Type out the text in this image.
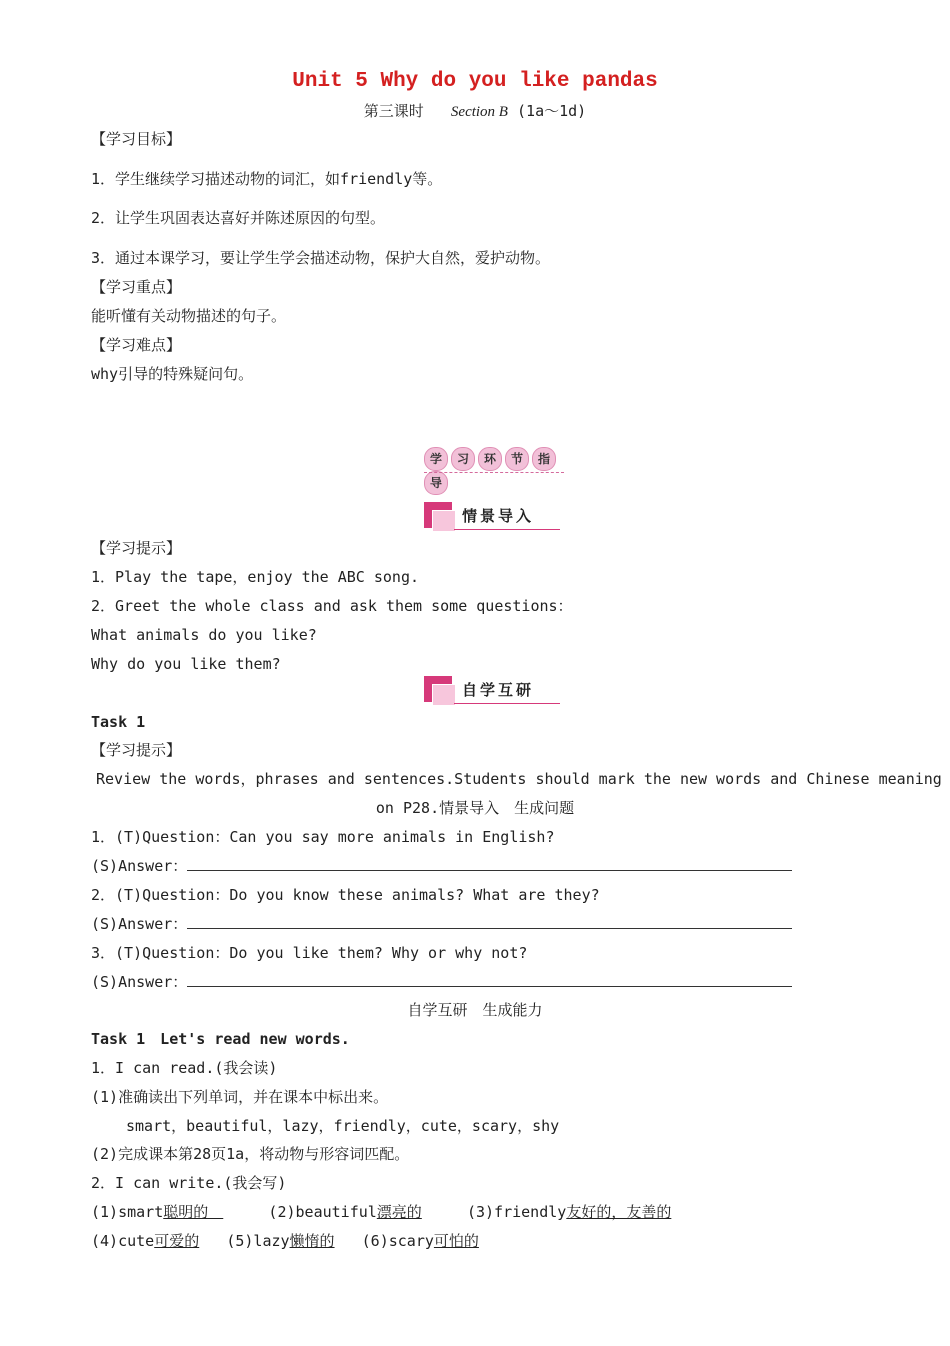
Unit 5 Why do you like pandas
第三课时 Section B (1a～1d)
【学习目标】
1．学生继续学习描述动物的词汇，如friendly等。
2．让学生巩固表达喜好并陈述原因的句型。
3．通过本课学习，要让学生学会描述动物，保护大自然，爱护动物。
【学习重点】
能听懂有关动物描述的句子。
【学习难点】
why引导的特殊疑问句。
学 习 环 节 指导
情景导入
【学习提示】
1．Play the tape，enjoy the ABC song.
2．Greet the whole class and ask them some questions：
What animals do you like?
Why do you like them?
自学互研
Task 1
【学习提示】
Review the words，phrases and sentences.Students should mark the new words and Chinese meaning
on P28.情景导入　生成问题
1．(T)Question：Can you say more animals in English?
(S)Answer：
2．(T)Question：Do you know these animals? What are they?
(S)Answer：
3．(T)Question：Do you like them? Why or why not?
(S)Answer：
自学互研　生成能力
Task 1　Let's read new words.
1．I can read.(我会读)
(1)准确读出下列单词，并在课本中标出来。
smart，beautiful，lazy，friendly，cute，scary，shy
(2)完成课本第28页1a，将动物与形容词匹配。
2．I can write.(我会写)
(1)smart聪明的　	(2)beautiful漂亮的	(3)friendly友好的，友善的
(4)cute可爱的 (5)lazy懒惰的 (6)scary可怕的
